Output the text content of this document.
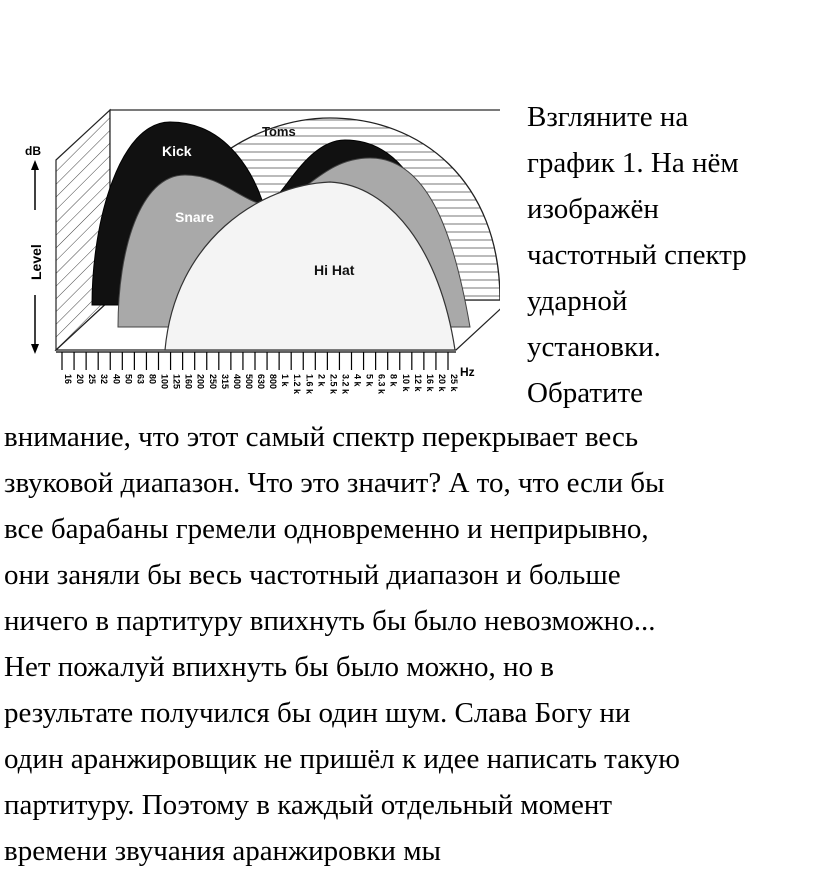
Toms
Kick
Snare
Hi Hat
dB
Level
16 20 25 32 40 50 63 80 100 125 160 200 250 315 400 500 630 800 1 k 1.2 k 1.6 k 2 k 2.5 k 3.2 k 4 k 5 k 6.3 k 8 k 10 k 12 k 16 k 20 k 25 k
Hz
Взгляните на
график 1. На нём
изображён
частотный спектр
ударной
установки.
Обратите
внимание, что этот самый спектр перекрывает весь
звуковой диапазон. Что это значит? А то, что если бы
все барабаны гремели одновременно и неприрывно,
они заняли бы весь частотный диапазон и больше
ничего в партитуру впихнуть бы было невозможно...
Нет пожалуй впихнуть бы было можно, но в
результате получился бы один шум. Слава Богу ни
один аранжировщик не пришёл к идее написать такую
партитуру. Поэтому в каждый отдельный момент
времени звучания аранжировки мы
